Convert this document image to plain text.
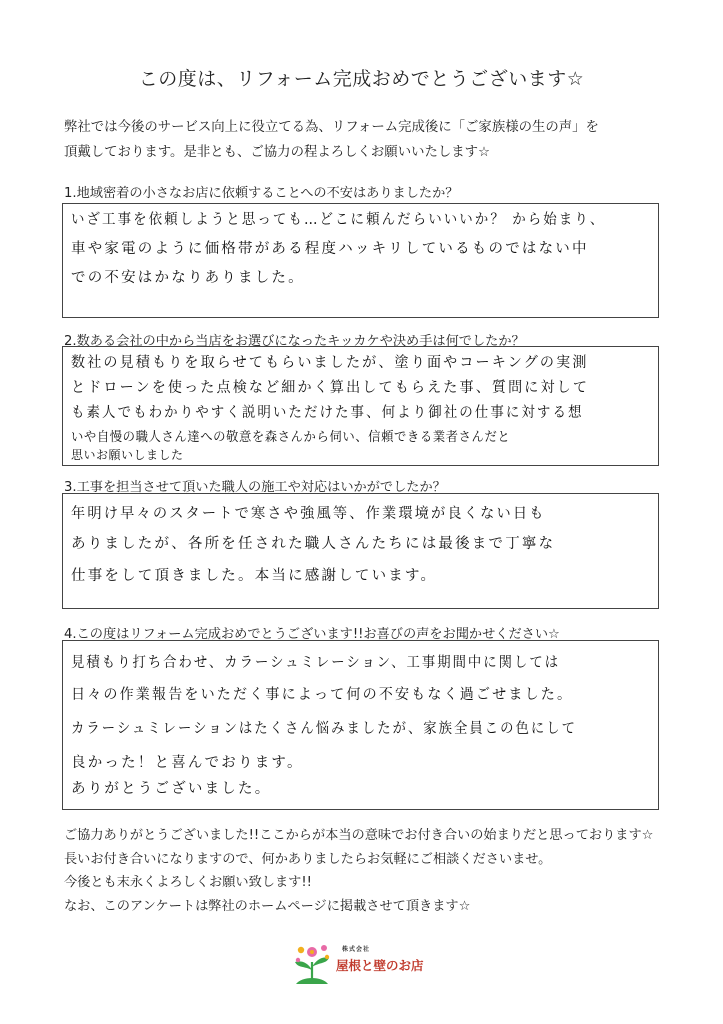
この度は、リフォーム完成おめでとうございます☆
弊社では今後のサービス向上に役立てる為、リフォーム完成後に「ご家族様の生の声」を
頂戴しております。是非とも、ご協力の程よろしくお願いいたします☆
1.地域密着の小さなお店に依頼することへの不安はありましたか？
いざ工事を依頼しようと思っても…どこに頼んだらいいいか？ から始まり、
車や家電のように価格帯がある程度ハッキリしているものではない中
での不安はかなりありました。
2.数ある会社の中から当店をお選びになったキッカケや決め手は何でしたか？
数社の見積もりを取らせてもらいましたが、塗り面やコーキングの実測
とドローンを使った点検など細かく算出してもらえた事、質問に対して
も素人でもわかりやすく説明いただけた事、何より御社の仕事に対する想
いや自慢の職人さん達への敬意を森さんから伺い、信頼できる業者さんだと
思いお願いしました
3.工事を担当させて頂いた職人の施工や対応はいかがでしたか？
年明け早々のスタートで寒さや強風等、作業環境が良くない日も
ありましたが、各所を任された職人さんたちには最後まで丁寧な
仕事をして頂きました。本当に感謝しています。
4.この度はリフォーム完成おめでとうございます!!お喜びの声をお聞かせください☆
見積もり打ち合わせ、カラーシュミレーション、工事期間中に関しては
日々の作業報告をいただく事によって何の不安もなく過ごせました。
カラーシュミレーションはたくさん悩みましたが、家族全員この色にして
良かった！と喜んでおります。
ありがとうございました。
ご協力ありがとうございました!!ここからが本当の意味でお付き合いの始まりだと思っております☆
長いお付き合いになりますので、何かありましたらお気軽にご相談くださいませ。
今後とも末永くよろしくお願い致します!!
なお、このアンケートは弊社のホームページに掲載させて頂きます☆
株式会社
屋根と壁のお店
